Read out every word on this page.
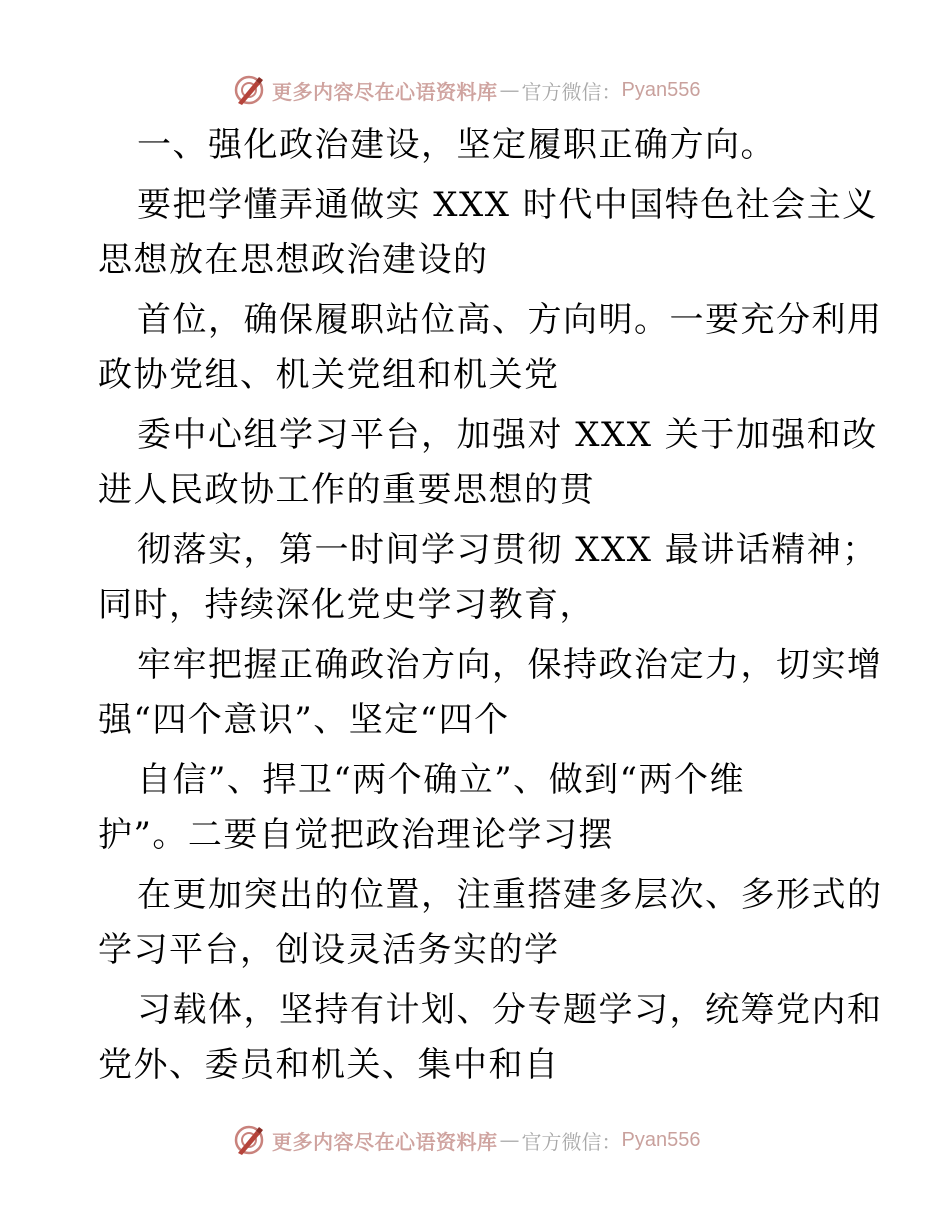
更多内容尽在心语资料库 — 官方微信： Pyan556
一、强化政治建设，坚定履职正确方向。
要把学懂弄通做实 XXX 时代中国特色社会主义
思想放在思想政治建设的
首位，确保履职站位高、方向明。一要充分利用
政协党组、机关党组和机关党
委中心组学习平台，加强对 XXX 关于加强和改
进人民政协工作的重要思想的贯
彻落实，第一时间学习贯彻 XXX 最讲话精神；
同时，持续深化党史学习教育，
牢牢把握正确政治方向，保持政治定力，切实增
强“四个意识”、坚定“四个
自信”、捍卫“两个确立”、做到“两个维
护”。二要自觉把政治理论学习摆
在更加突出的位置，注重搭建多层次、多形式的
学习平台，创设灵活务实的学
习载体，坚持有计划、分专题学习，统筹党内和
党外、委员和机关、集中和自
更多内容尽在心语资料库 — 官方微信： Pyan556
